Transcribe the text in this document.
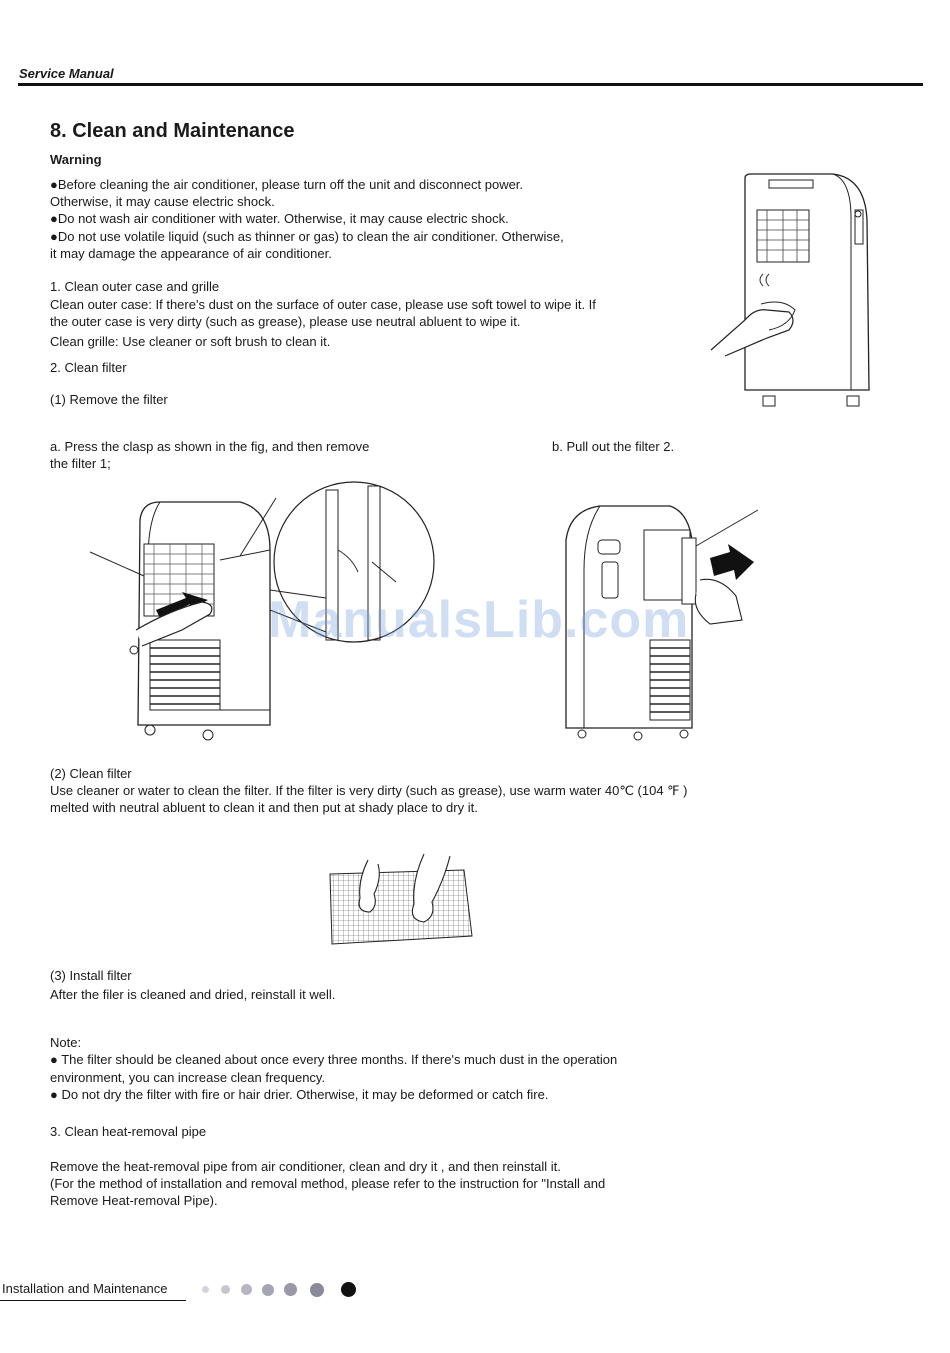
Service Manual
8. Clean and Maintenance
Warning
●Before cleaning the air conditioner, please turn off the unit and disconnect power.
Otherwise, it may cause electric shock.
●Do not wash air conditioner with water. Otherwise, it may cause electric shock.
●Do not use volatile liquid (such as thinner or gas) to clean the air conditioner. Otherwise,
it may damage the appearance of air conditioner.
1. Clean outer case and grille
Clean outer case: If there's dust on the surface of outer case, please use soft towel to wipe it. If
the outer case is very dirty (such as grease), please use neutral abluent to wipe it.
Clean grille: Use cleaner or soft brush to clean it.
2. Clean filter
(1) Remove the filter
a. Press the clasp as shown in the fig, and then remove
the filter 1;
b. Pull out the filter 2.
ManualsLib.com
(2) Clean filter
Use cleaner or water to clean the filter. If the filter is very dirty (such as grease), use warm water 40℃ (104 ℉ )
melted with neutral abluent to clean it and then put at shady place to dry it.
(3) Install filter
After the filer is cleaned and dried, reinstall it well.
Note:
● The filter should be cleaned about once every three months. If there's much dust in the operation
environment, you can increase clean frequency.
● Do not dry the filter with fire or hair drier. Otherwise, it may be deformed or catch fire.
3. Clean heat-removal pipe
Remove the heat-removal pipe from air conditioner, clean and dry it , and then reinstall it.
(For the method of installation and removal method, please refer to the instruction for "Install and
Remove Heat-removal Pipe).
Installation and Maintenance
